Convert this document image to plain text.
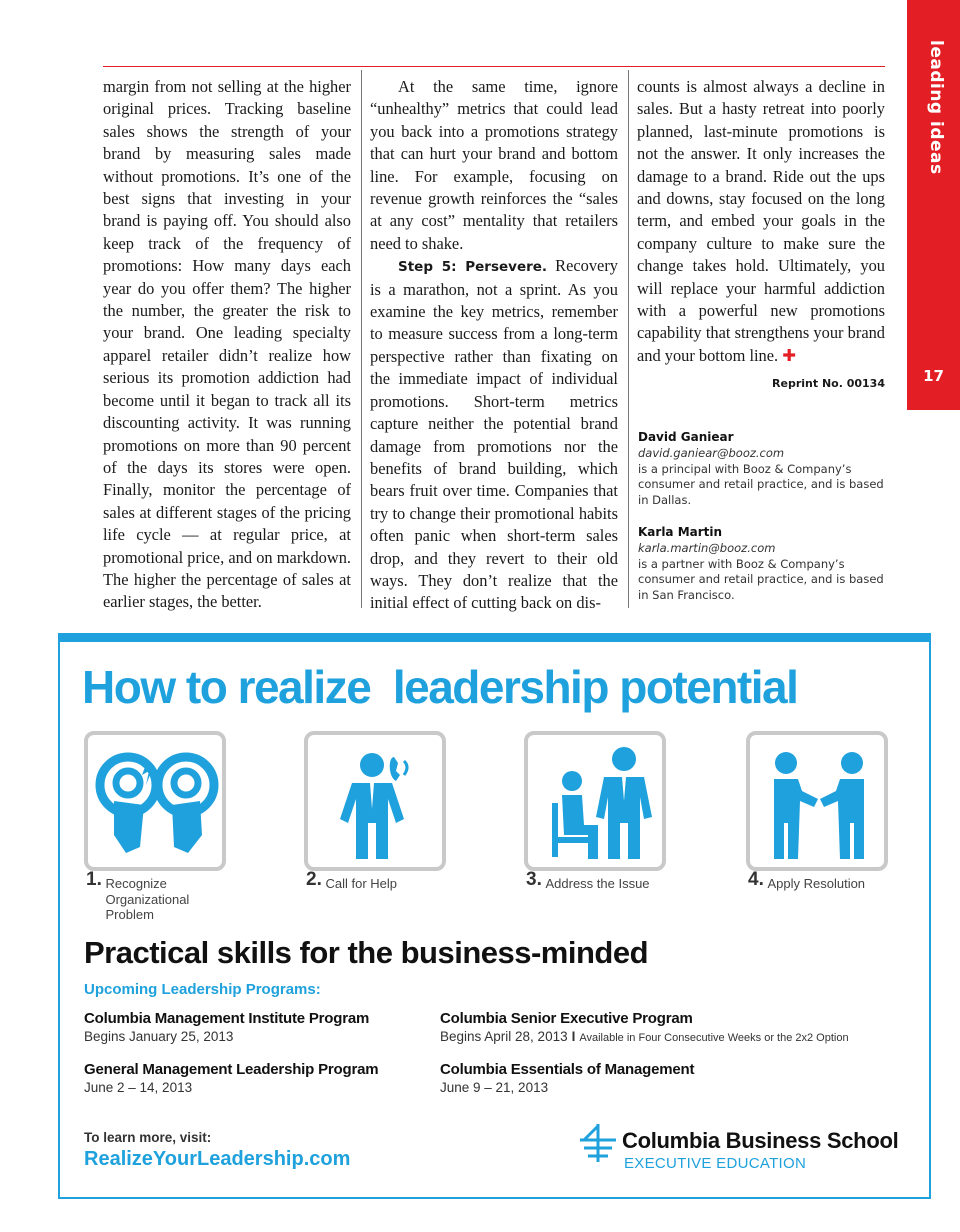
leading ideas
17

margin from not selling at the higher original prices. Tracking baseline sales shows the strength of your brand by measuring sales made without promotions. It’s one of the best signs that investing in your brand is paying off. You should also keep track of the frequency of promotions: How many days each year do you offer them? The higher the number, the greater the risk to your brand. One leading specialty apparel retailer didn’t realize how serious its promotion addiction had become until it began to track all its discounting activity. It was running promotions on more than 90 percent of the days its stores were open. Finally, monitor the percentage of sales at different stages of the pricing life cycle — at regular price, at promotional price, and on markdown. The higher the percentage of sales at earlier stages, the better.

At the same time, ignore “unhealthy” metrics that could lead you back into a promotions strategy that can hurt your brand and bottom line. For example, focusing on revenue growth reinforces the “sales at any cost” mentality that retailers need to shake.

Step 5: Persevere. Recovery is a marathon, not a sprint. As you examine the key metrics, remember to measure success from a long-term perspective rather than fixating on the immediate impact of individual promotions. Short-term metrics capture neither the potential brand damage from promotions nor the benefits of brand building, which bears fruit over time. Companies that try to change their promotional habits often panic when short-term sales drop, and they revert to their old ways. They don’t realize that the initial effect of cutting back on dis-

counts is almost always a decline in sales. But a hasty retreat into poorly planned, last-minute promotions is not the answer. It only increases the damage to a brand. Ride out the ups and downs, stay focused on the long term, and embed your goals in the company culture to make sure the change takes hold. Ultimately, you will replace your harmful addiction with a powerful new promotions capability that strengthens your brand and your bottom line. ✚

Reprint No. 00134

David Ganiear
david.ganiear@booz.com
is a principal with Booz & Company’s consumer and retail practice, and is based in Dallas.
Karla Martin
karla.martin@booz.com
is a partner with Booz & Company’s consumer and retail practice, and is based in San Francisco.
How to realize  leadership potential
1. Recognize Organizational Problem
2. Call for Help	3. Address the Issue	4. Apply Resolution
Practical skills for the business-minded
Upcoming Leadership Programs:
Columbia Management Institute Program
Begins January 25, 2013
Columbia Senior Executive Program
Begins April 28, 2013 I Available in Four Consecutive Weeks or the 2x2 Option
General Management Leadership Program
June 2 – 14, 2013
Columbia Essentials of Management
June 9 – 21, 2013
To learn more, visit:
RealizeYourLeadership.com
Columbia Business School
EXECUTIVE EDUCATION
